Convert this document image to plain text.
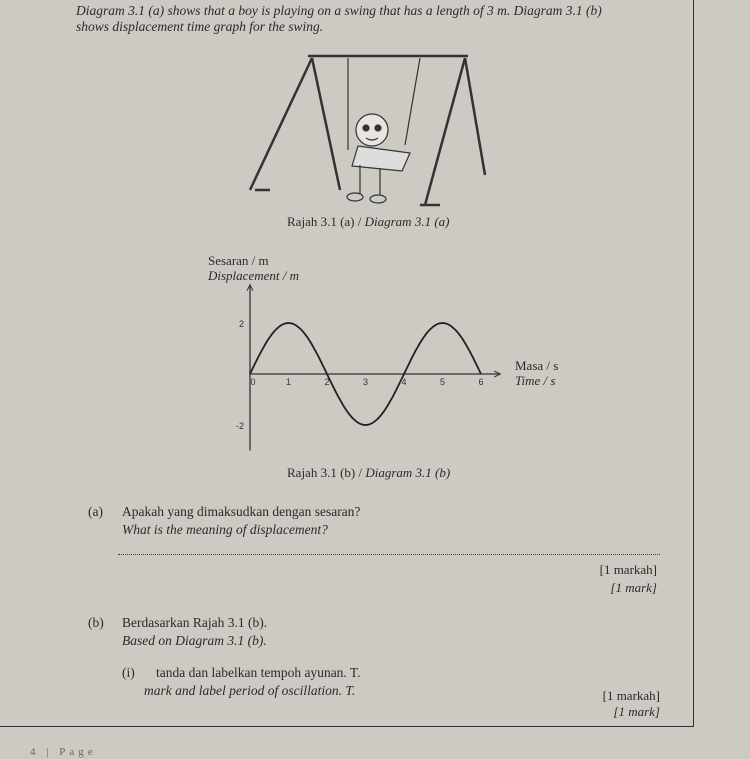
Diagram 3.1 (a) shows that a boy is playing on a swing that has a length of 3 m. Diagram 3.1 (b)
shows displacement time graph for the swing.
Rajah 3.1 (a) / Diagram 3.1 (a)
Sesaran / m
Displacement / m
Masa / s
Time / s
0	1	2	3	4	5	6
2
-2
Rajah 3.1 (b) / Diagram 3.1 (b)
(a) Apakah yang dimaksudkan dengan sesaran?
What is the meaning of displacement?
[1 markah]
[1 mark]
(b) Berdasarkan Rajah 3.1 (b).
Based on Diagram 3.1 (b).
(i) tanda dan labelkan tempoh ayunan. T.
mark and label period of oscillation. T.	[1 markah]
[1 mark]
4 | Page
